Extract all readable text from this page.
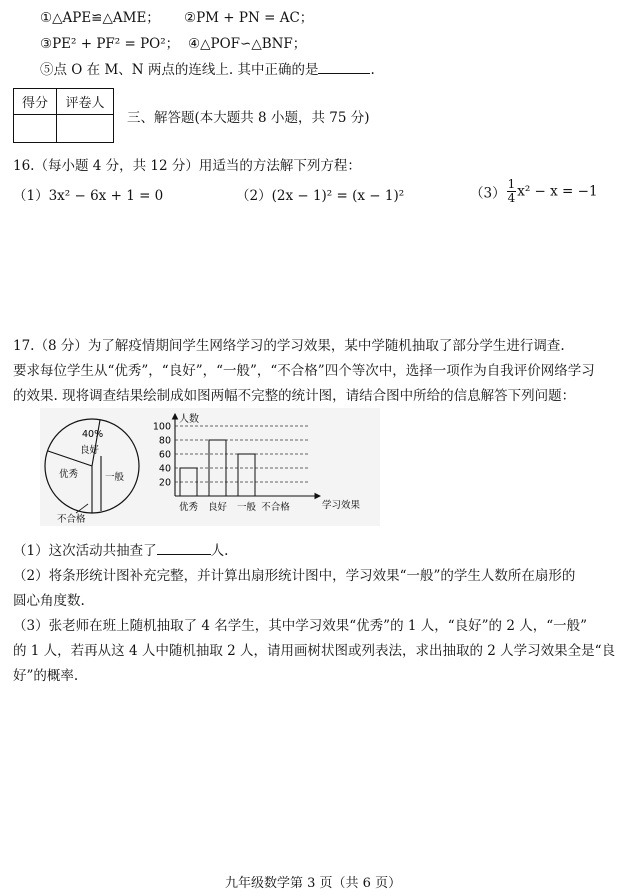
①△APE≌△AME； ②PM + PN = AC；
③PE² + PF² = PO²； ④△POF∽△BNF；
⑤点 O 在 M、N 两点的连线上. 其中正确的是	.
得分	评卷人

三、解答题(本大题共 8 小题，共 75 分)
16.（每小题 4 分，共 12 分）用适当的方法解下列方程：
（1）3x² − 6x + 1 = 0	（2）(2x − 1)² = (x − 1)²	$(3) \frac{1}{4} x^2 - x = -1$
17.（8 分）为了解疫情期间学生网络学习的学习效果，某中学随机抽取了部分学生进行调查.
要求每位学生从“优秀”，“良好”，“一般”，“不合格”四个等次中，选择一项作为自我评价网络学习
的效果. 现将调查结果绘制成如图两幅不完整的统计图，请结合图中所给的信息解答下列问题：
40%
良好
优秀	一般
不合格
人数
学习效果
20
40
60
80
100
优秀 良好 一般 不合格
（1）这次活动共抽查了	人.
（2）将条形统计图补充完整，并计算出扇形统计图中，学习效果“一般”的学生人数所在扇形的
圆心角度数.
（3）张老师在班上随机抽取了 4 名学生，其中学习效果“优秀”的 1 人，“良好”的 2 人，“一般”
的 1 人，若再从这 4 人中随机抽取 2 人，请用画树状图或列表法，求出抽取的 2 人学习效果全是“良
好”的概率.
九年级数学第 3 页（共 6 页）
